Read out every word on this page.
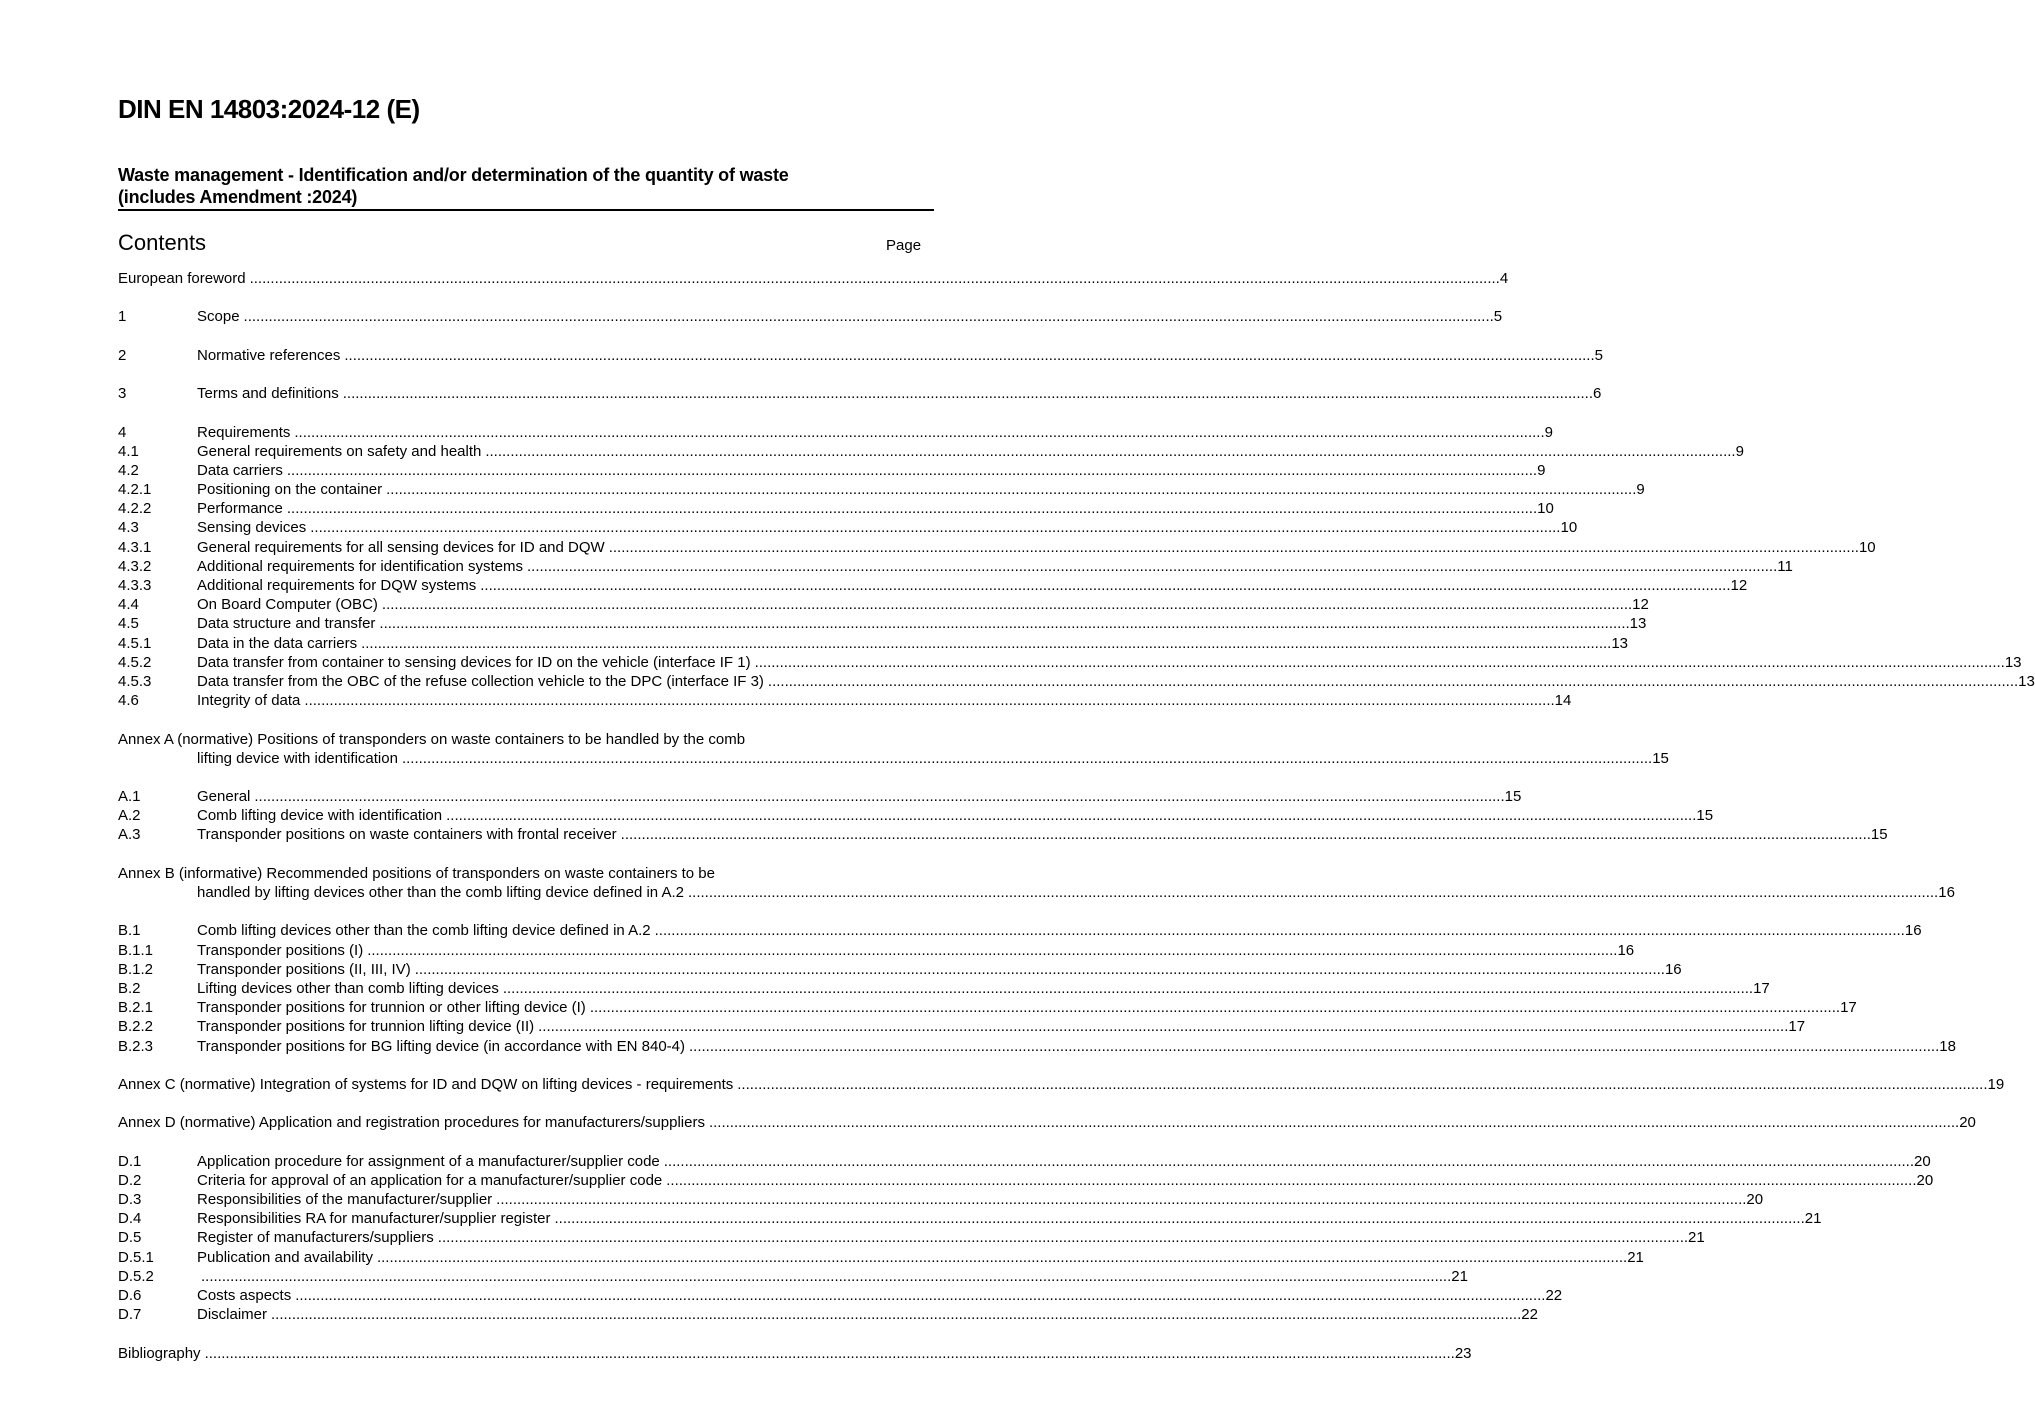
DIN EN 14803:2024-12 (E)
Waste management - Identification and/or determination of the quantity of waste
(includes Amendment :2024)
Contents	Page
European foreword ............................................................................................................................................................................................................................................................................................................ 4
1	Scope ............................................................................................................................................................................................................................................................................................................ 5
2	Normative references ............................................................................................................................................................................................................................................................................................................ 5
3	Terms and definitions ............................................................................................................................................................................................................................................................................................................ 6
4	Requirements ............................................................................................................................................................................................................................................................................................................ 9
4.1	General requirements on safety and health ............................................................................................................................................................................................................................................................................................................ 9
4.2	Data carriers ............................................................................................................................................................................................................................................................................................................ 9
4.2.1	Positioning on the container ............................................................................................................................................................................................................................................................................................................ 9
4.2.2	Performance ............................................................................................................................................................................................................................................................................................................ 10
4.3	Sensing devices ............................................................................................................................................................................................................................................................................................................ 10
4.3.1	General requirements for all sensing devices for ID and DQW ............................................................................................................................................................................................................................................................................................................ 10
4.3.2	Additional requirements for identification systems ............................................................................................................................................................................................................................................................................................................ 11
4.3.3	Additional requirements for DQW systems ............................................................................................................................................................................................................................................................................................................ 12
4.4	On Board Computer (OBC) ............................................................................................................................................................................................................................................................................................................ 12
4.5	Data structure and transfer ............................................................................................................................................................................................................................................................................................................ 13
4.5.1	Data in the data carriers ............................................................................................................................................................................................................................................................................................................ 13
4.5.2	Data transfer from container to sensing devices for ID on the vehicle (interface IF 1) ............................................................................................................................................................................................................................................................................................................ 13
4.5.3	Data transfer from the OBC of the refuse collection vehicle to the DPC (interface IF 3) ............................................................................................................................................................................................................................................................................................................ 13
4.6	Integrity of data ............................................................................................................................................................................................................................................................................................................ 14
Annex A (normative) Positions of transponders on waste containers to be handled by the comb
lifting device with identification ............................................................................................................................................................................................................................................................................................................ 15
A.1	General ............................................................................................................................................................................................................................................................................................................ 15
A.2	Comb lifting device with identification ............................................................................................................................................................................................................................................................................................................ 15
A.3	Transponder positions on waste containers with frontal receiver ............................................................................................................................................................................................................................................................................................................ 15
Annex B (informative) Recommended positions of transponders on waste containers to be
handled by lifting devices other than the comb lifting device defined in A.2 ............................................................................................................................................................................................................................................................................................................ 16
B.1	Comb lifting devices other than the comb lifting device defined in A.2 ............................................................................................................................................................................................................................................................................................................ 16
B.1.1	Transponder positions (I) ............................................................................................................................................................................................................................................................................................................ 16
B.1.2	Transponder positions (II, III, IV) ............................................................................................................................................................................................................................................................................................................ 16
B.2	Lifting devices other than comb lifting devices ............................................................................................................................................................................................................................................................................................................ 17
B.2.1	Transponder positions for trunnion or other lifting device (I) ............................................................................................................................................................................................................................................................................................................ 17
B.2.2	Transponder positions for trunnion lifting device (II) ............................................................................................................................................................................................................................................................................................................ 17
B.2.3	Transponder positions for BG lifting device (in accordance with EN 840-4) ............................................................................................................................................................................................................................................................................................................ 18
Annex C (normative) Integration of systems for ID and DQW on lifting devices - requirements ............................................................................................................................................................................................................................................................................................................ 19
Annex D (normative) Application and registration procedures for manufacturers/suppliers ............................................................................................................................................................................................................................................................................................................ 20
D.1	Application procedure for assignment of a manufacturer/supplier code ............................................................................................................................................................................................................................................................................................................ 20
D.2	Criteria for approval of an application for a manufacturer/supplier code ............................................................................................................................................................................................................................................................................................................ 20
D.3	Responsibilities of the manufacturer/supplier ............................................................................................................................................................................................................................................................................................................ 20
D.4	Responsibilities RA for manufacturer/supplier register ............................................................................................................................................................................................................................................................................................................ 21
D.5	Register of manufacturers/suppliers ............................................................................................................................................................................................................................................................................................................ 21
D.5.1	Publication and availability ............................................................................................................................................................................................................................................................................................................ 21
D.5.2	............................................................................................................................................................................................................................................................................................................ 21
D.6	Costs aspects ............................................................................................................................................................................................................................................................................................................ 22
D.7	Disclaimer ............................................................................................................................................................................................................................................................................................................ 22
Bibliography ............................................................................................................................................................................................................................................................................................................ 23
